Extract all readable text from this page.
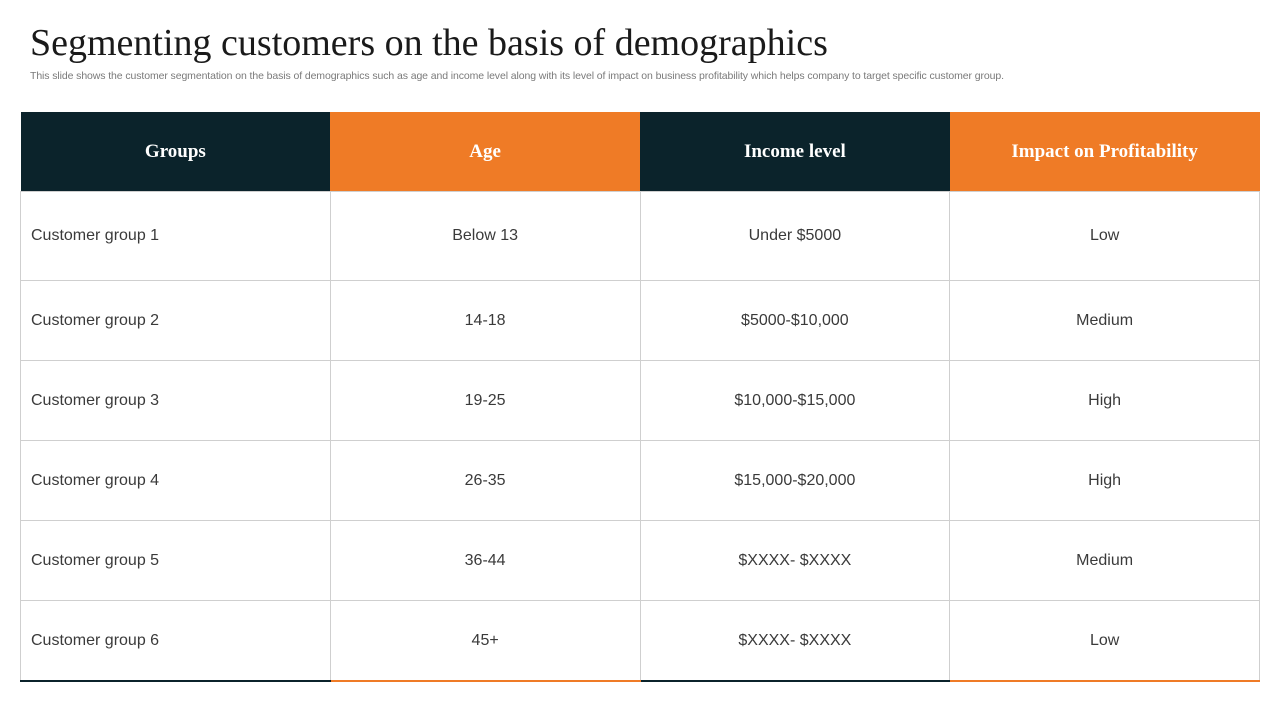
Segmenting customers on the basis of demographics
This slide shows the customer segmentation on the basis of demographics such as age and income level along with its level of impact on business profitability which helps company to target specific customer group.
Groups	Age	Income level	Impact on Profitability
Customer group 1	Below 13	Under $5000	Low
Customer group 2	14-18	$5000-$10,000	Medium
Customer group 3	19-25	$10,000-$15,000	High
Customer group 4	26-35	$15,000-$20,000	High
Customer group 5	36-44	$XXXX- $XXXX	Medium
Customer group 6	45+	$XXXX- $XXXX	Low
